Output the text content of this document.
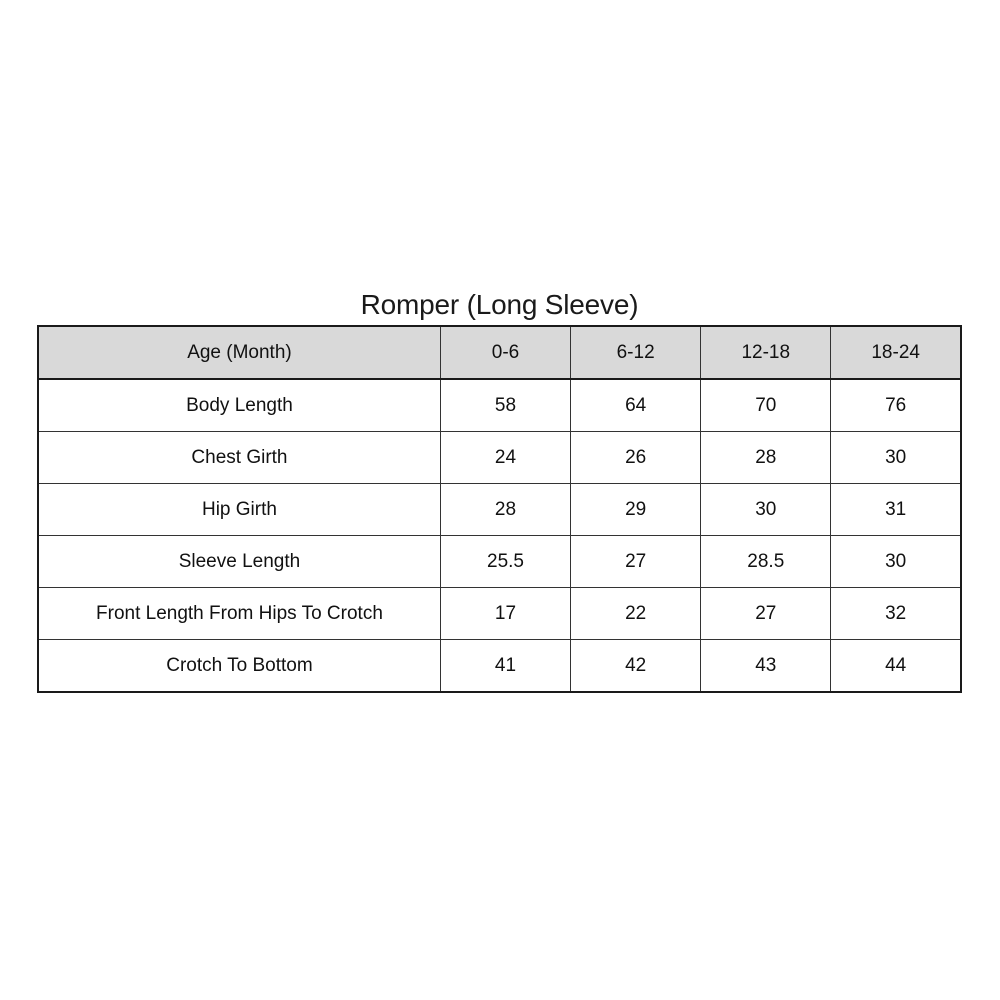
Romper (Long Sleeve)
Age (Month)	0-6	6-12	12-18	18-24
Body Length	58	64	70	76
Chest Girth	24	26	28	30
Hip Girth	28	29	30	31
Sleeve Length	25.5	27	28.5	30
Front Length From Hips To Crotch	17	22	27	32
Crotch To Bottom	41	42	43	44
